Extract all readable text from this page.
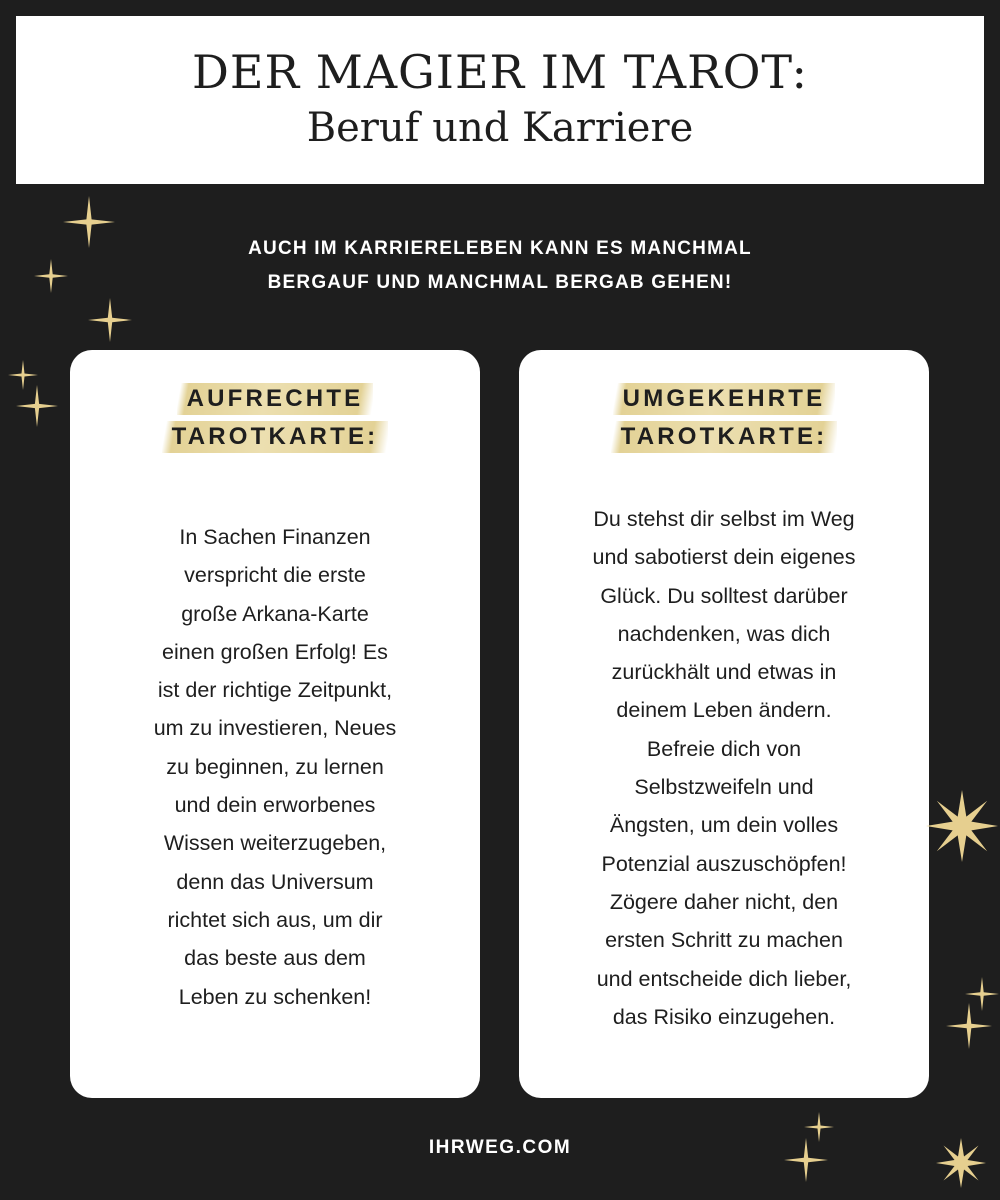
DER MAGIER IM TAROT:
Beruf und Karriere
AUCH IM KARRIERELEBEN KANN ES MANCHMAL
BERGAUF UND MANCHMAL BERGAB GEHEN!
AUFRECHTE
TAROTKARTE:
In Sachen Finanzen
verspricht die erste
große Arkana-Karte
einen großen Erfolg! Es
ist der richtige Zeitpunkt,
um zu investieren, Neues
zu beginnen, zu lernen
und dein erworbenes
Wissen weiterzugeben,
denn das Universum
richtet sich aus, um dir
das beste aus dem
Leben zu schenken!
UMGEKEHRTE
TAROTKARTE:
Du stehst dir selbst im Weg
und sabotierst dein eigenes
Glück. Du solltest darüber
nachdenken, was dich
zurückhält und etwas in
deinem Leben ändern.
Befreie dich von
Selbstzweifeln und
Ängsten, um dein volles
Potenzial auszuschöpfen!
Zögere daher nicht, den
ersten Schritt zu machen
und entscheide dich lieber,
das Risiko einzugehen.
IHRWEG.COM
